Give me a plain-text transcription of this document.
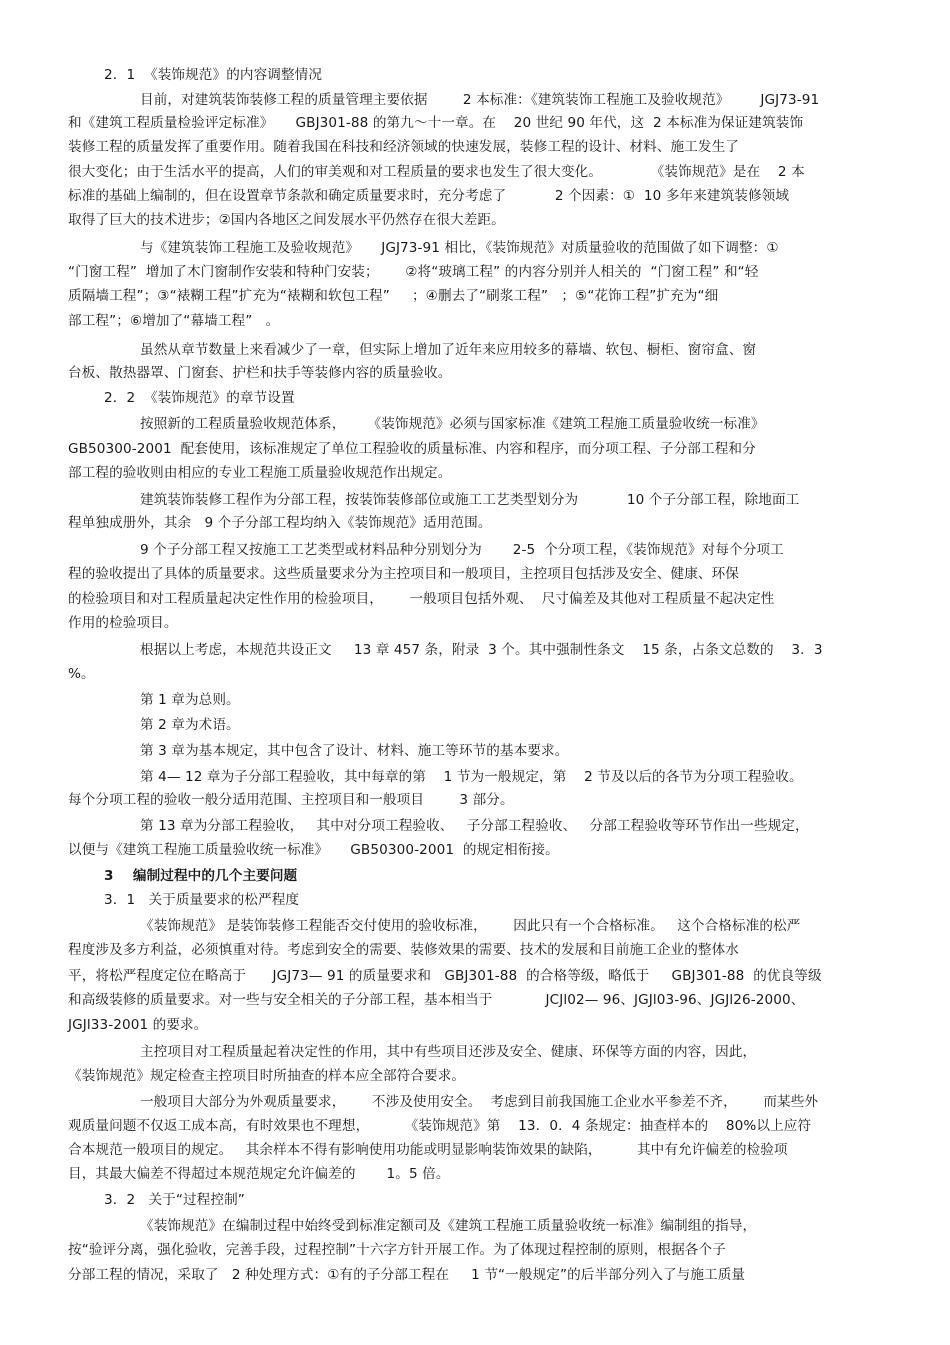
2．1  《装饰规范》的内容调整情况
目前，对建筑装饰装修工程的质量管理主要依据        2 本标准：《建筑装饰工程施工及验收规范》       JGJ73-91
和《建筑工程质量检验评定标准》     GBJ301-88 的第九～十一章。在    20 世纪 90 年代，这  2 本标准为保证建筑装饰
装修工程的质量发挥了重要作用。随着我国在科技和经济领域的快速发展，装修工程的设计、材料、施工发生了
很大变化；由于生活水平的提高，人们的审美观和对工程质量的要求也发生了很大变化。           《装饰规范》是在    2 本
标准的基础上编制的，但在设置章节条款和确定质量要求时，充分考虑了           2 个因素：①  10 多年来建筑装修领域
取得了巨大的技术进步；②国内各地区之间发展水平仍然存在很大差距。
与《建筑装饰工程施工及验收规范》     JGJ73-91 相比，《装饰规范》对质量验收的范围做了如下调整：①
“门窗工程”  增加了木门窗制作安装和特种门安装；      ②将“玻璃工程” 的内容分别并人相关的  “门窗工程” 和“轻
质隔墙工程”；③“裱糊工程”扩充为“裱糊和软包工程”     ；④删去了“刷浆工程”   ；⑤“花饰工程”扩充为“细
部工程”；⑥增加了“幕墙工程”   。
虽然从章节数量上来看减少了一章，但实际上增加了近年来应用较多的幕墙、软包、橱柜、窗帘盒、窗
台板、散热器罩、门窗套、护栏和扶手等装修内容的质量验收。
2．2  《装饰规范》的章节设置
按照新的工程质量验收规范体系，     《装饰规范》必须与国家标准《建筑工程施工质量验收统一标准》
GB50300-2001  配套使用，该标准规定了单位工程验收的质量标准、内容和程序，而分项工程、子分部工程和分
部工程的验收则由相应的专业工程施工质量验收规范作出规定。
建筑装饰装修工程作为分部工程，按装饰装修部位或施工工艺类型划分为           10 个子分部工程，除地面工
程单独成册外，其余   9 个子分部工程均纳入《装饰规范》适用范围。
9 个子分部工程又按施工工艺类型或材料品种分别划分为       2-5  个分项工程，《装饰规范》对每个分项工
程的验收提出了具体的质量要求。这些质量要求分为主控项目和一般项目，主控项目包括涉及安全、健康、环保
的检验项目和对工程质量起决定性作用的检验项目，      一般项目包括外观、  尺寸偏差及其他对工程质量不起决定性
作用的检验项目。
根据以上考虑，本规范共设正文     13 章 457 条，附录  3 个。其中强制性条文    15 条，占条文总数的    3．3
%。
第 1 章为总则。
第 2 章为术语。
第 3 章为基本规定，其中包含了设计、材料、施工等环节的基本要求。
第 4— 12 章为子分部工程验收，其中每章的第    1 节为一般规定，第    2 节及以后的各节为分项工程验收。
每个分项工程的验收一般分适用范围、主控项目和一般项目        3 部分。
第 13 章为分部工程验收，   其中对分项工程验收、   子分部工程验收、   分部工程验收等环节作出一些规定，
以便与《建筑工程施工质量验收统一标准》     GB50300-2001  的规定相衔接。
3    编制过程中的几个主要问题
3．1   关于质量要求的松严程度
《装饰规范》 是装饰装修工程能否交付使用的验收标准，      因此只有一个合格标准。   这个合格标准的松严
程度涉及多方利益，必须慎重对待。考虑到安全的需要、装修效果的需要、技术的发展和目前施工企业的整体水
平，将松严程度定位在略高于      JGJ73— 91 的质量要求和   GBJ301-88  的合格等级，略低于     GBJ301-88  的优良等级
和高级装修的质量要求。对一些与安全相关的子分部工程，基本相当于            JCJl02— 96、JGJl03-96、JGJl26-2000、
JGJl33-2001 的要求。
主控项目对工程质量起着决定性的作用，其中有些项目还涉及安全、健康、环保等方面的内容，因此，
《装饰规范》规定检查主控项目时所抽查的样本应全部符合要求。
一般项目大部分为外观质量要求，      不涉及使用安全。  考虑到目前我国施工企业水平参差不齐，      而某些外
观质量问题不仅返工成本高，有时效果也不理想，        《装饰规范》第    13．0．4 条规定：抽查样本的    80%以上应符
合本规范一般项目的规定。   其余样本不得有影响使用功能或明显影响装饰效果的缺陷，        其中有允许偏差的检验项
目，其最大偏差不得超过本规范规定允许偏差的       1。5 倍。
3．2   关于“过程控制”
《装饰规范》在编制过程中始终受到标准定额司及《建筑工程施工质量验收统一标准》编制组的指导，
按“验评分离，强化验收，完善手段，过程控制”十六字方针开展工作。为了体现过程控制的原则，根据各个子
分部工程的情况，采取了   2 种处理方式：①有的子分部工程在     1 节“一般规定”的后半部分列入了与施工质量
